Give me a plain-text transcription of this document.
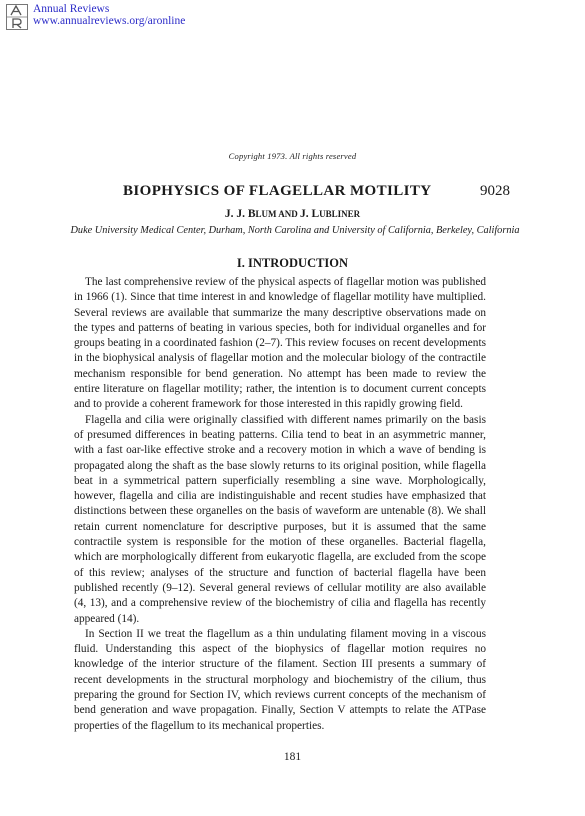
Annual Reviews
www.annualreviews.org/aronline
Copyright 1973. All rights reserved
BIOPHYSICS OF FLAGELLAR MOTILITY	9028
J. J. BLUM AND J. LUBLINER
Duke University Medical Center, Durham, North Carolina and University of California, Berkeley, California
I. INTRODUCTION

The last comprehensive review of the physical aspects of flagellar motion was published in 1966 (1). Since that time interest in and knowledge of flagellar motility have multiplied. Several reviews are available that summarize the many descriptive observations made on the types and patterns of beating in various species, both for individual organelles and for groups beating in a coordinated fashion (2–7). This review focuses on recent developments in the biophysical analysis of flagellar motion and the molecular biology of the contractile mechanism responsible for bend generation. No attempt has been made to review the entire literature on flagellar motility; rather, the intention is to document current concepts and to provide a coherent framework for those interested in this rapidly growing field.

Flagella and cilia were originally classified with different names primarily on the basis of presumed differences in beating patterns. Cilia tend to beat in an asymmetric manner, with a fast oar-like effective stroke and a recovery motion in which a wave of bending is propagated along the shaft as the base slowly returns to its original position, while flagella beat in a symmetrical pattern superficially resembling a sine wave. Morphologically, however, flagella and cilia are indistinguishable and recent studies have emphasized that distinctions between these organelles on the basis of waveform are untenable (8). We shall retain current nomenclature for descriptive purposes, but it is assumed that the same contractile system is responsible for the motion of these organelles. Bacterial flagella, which are morphologically different from eukaryotic flagella, are excluded from the scope of this review; analyses of the structure and function of bacterial flagella have been published recently (9–12). Several general reviews of cellular motility are also available (4, 13), and a comprehensive review of the biochemistry of cilia and flagella has recently appeared (14).

In Section II we treat the flagellum as a thin undulating filament moving in a viscous fluid. Understanding this aspect of the biophysics of flagellar motion requires no knowledge of the interior structure of the filament. Section III presents a summary of recent developments in the structural morphology and biochemistry of the cilium, thus preparing the ground for Section IV, which reviews current concepts of the mechanism of bend generation and wave propagation. Finally, Section V attempts to relate the ATPase properties of the flagellum to its mechanical properties.

181
